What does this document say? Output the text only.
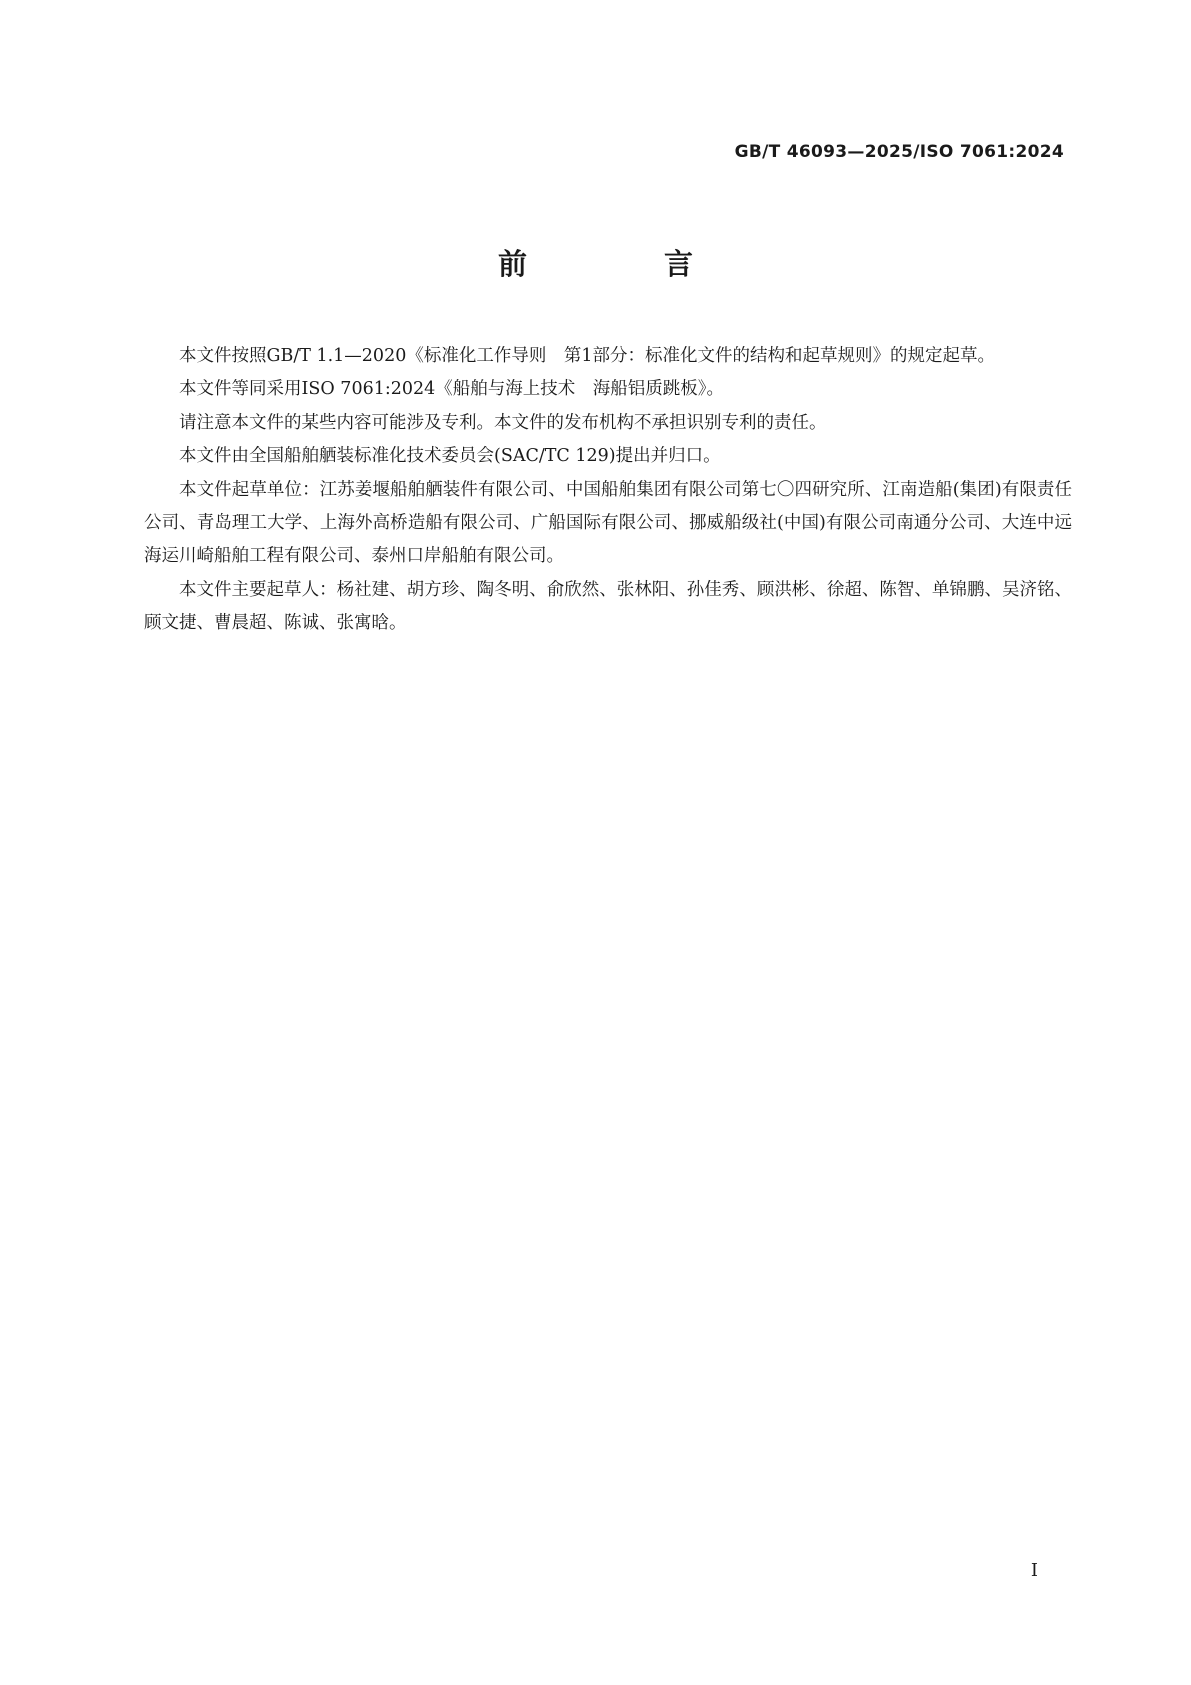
GB/T 46093—2025/ISO 7061:2024
前　言

本文件按照GB/T 1.1—2020《标准化工作导则　第1部分：标准化文件的结构和起草规则》的规定起草。

本文件等同采用ISO 7061:2024《船舶与海上技术　海船铝质跳板》。

请注意本文件的某些内容可能涉及专利。本文件的发布机构不承担识别专利的责任。

本文件由全国船舶舾装标准化技术委员会(SAC/TC 129)提出并归口。

本文件起草单位：江苏姜堰船舶舾装件有限公司、中国船舶集团有限公司第七〇四研究所、江南造船(集团)有限责任公司、青岛理工大学、上海外高桥造船有限公司、广船国际有限公司、挪威船级社(中国)有限公司南通分公司、大连中远海运川崎船舶工程有限公司、泰州口岸船舶有限公司。

本文件主要起草人：杨社建、胡方珍、陶冬明、俞欣然、张林阳、孙佳秀、顾洪彬、徐超、陈智、单锦鹏、吴济铭、顾文捷、曹晨超、陈诚、张寓晗。

I
